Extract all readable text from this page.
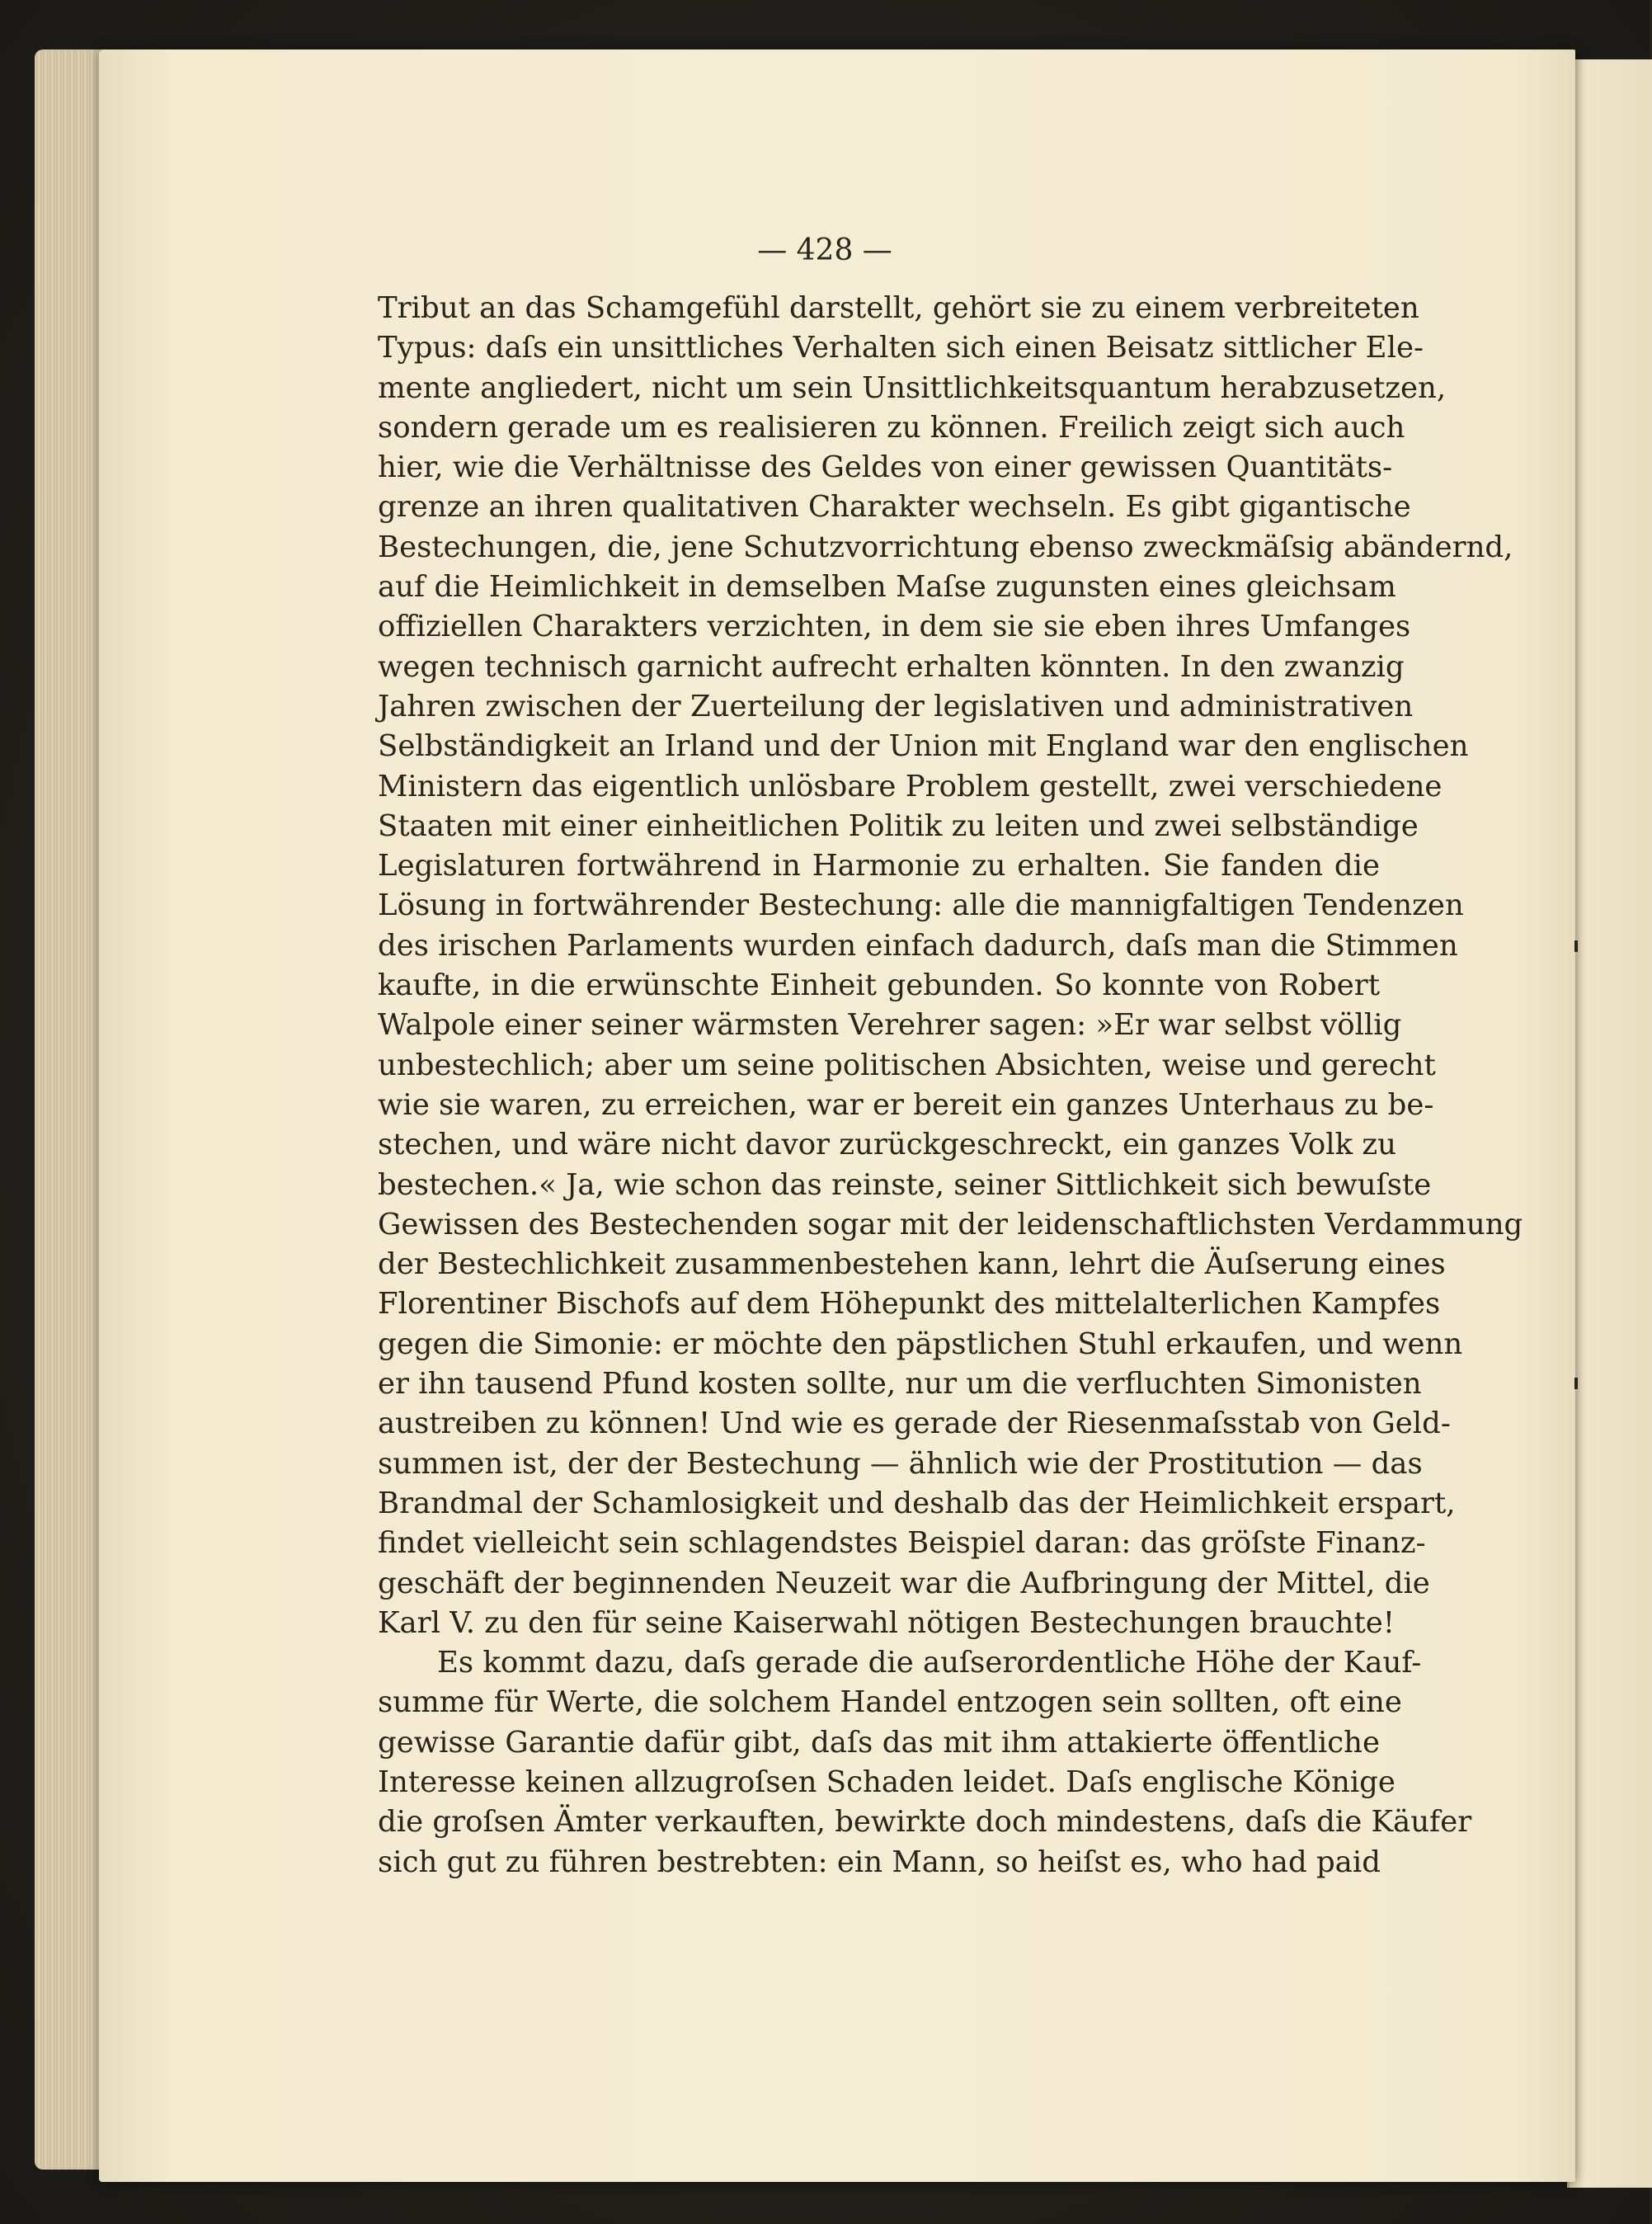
— 428 —
Tribut an das Schamgefühl darstellt, gehört sie zu einem verbreiteten
Typus: daſs ein unsittliches Verhalten sich einen Beisatz sittlicher Ele-
mente angliedert, nicht um sein Unsittlichkeitsquantum herabzusetzen,
sondern gerade um es realisieren zu können. Freilich zeigt sich auch
hier, wie die Verhältnisse des Geldes von einer gewissen Quantitäts-
grenze an ihren qualitativen Charakter wechseln. Es gibt gigantische
Bestechungen, die, jene Schutzvorrichtung ebenso zweckmäſsig abändernd,
auf die Heimlichkeit in demselben Maſse zugunsten eines gleichsam
offiziellen Charakters verzichten, in dem sie sie eben ihres Umfanges
wegen technisch garnicht aufrecht erhalten könnten. In den zwanzig
Jahren zwischen der Zuerteilung der legislativen und administrativen
Selbständigkeit an Irland und der Union mit England war den englischen
Ministern das eigentlich unlösbare Problem gestellt, zwei verschiedene
Staaten mit einer einheitlichen Politik zu leiten und zwei selbständige
Legislaturen fortwährend in Harmonie zu erhalten. Sie fanden die
Lösung in fortwährender Bestechung: alle die mannigfaltigen Tendenzen
des irischen Parlaments wurden einfach dadurch, daſs man die Stimmen
kaufte, in die erwünschte Einheit gebunden. So konnte von Robert
Walpole einer seiner wärmsten Verehrer sagen: »Er war selbst völlig
unbestechlich; aber um seine politischen Absichten, weise und gerecht
wie sie waren, zu erreichen, war er bereit ein ganzes Unterhaus zu be-
stechen, und wäre nicht davor zurückgeschreckt, ein ganzes Volk zu
bestechen.« Ja, wie schon das reinste, seiner Sittlichkeit sich bewuſste
Gewissen des Bestechenden sogar mit der leidenschaftlichsten Verdammung
der Bestechlichkeit zusammenbestehen kann, lehrt die Äuſserung eines
Florentiner Bischofs auf dem Höhepunkt des mittelalterlichen Kampfes
gegen die Simonie: er möchte den päpstlichen Stuhl erkaufen, und wenn
er ihn tausend Pfund kosten sollte, nur um die verfluchten Simonisten
austreiben zu können! Und wie es gerade der Riesenmaſsstab von Geld-
summen ist, der der Bestechung — ähnlich wie der Prostitution — das
Brandmal der Schamlosigkeit und deshalb das der Heimlichkeit erspart,
findet vielleicht sein schlagendstes Beispiel daran: das gröſste Finanz-
geschäft der beginnenden Neuzeit war die Aufbringung der Mittel, die
Karl V. zu den für seine Kaiserwahl nötigen Bestechungen brauchte!
Es kommt dazu, daſs gerade die auſserordentliche Höhe der Kauf-
summe für Werte, die solchem Handel entzogen sein sollten, oft eine
gewisse Garantie dafür gibt, daſs das mit ihm attakierte öffentliche
Interesse keinen allzugroſsen Schaden leidet. Daſs englische Könige
die groſsen Ämter verkauften, bewirkte doch mindestens, daſs die Käufer
sich gut zu führen bestrebten: ein Mann, so heiſst es, who had paid
